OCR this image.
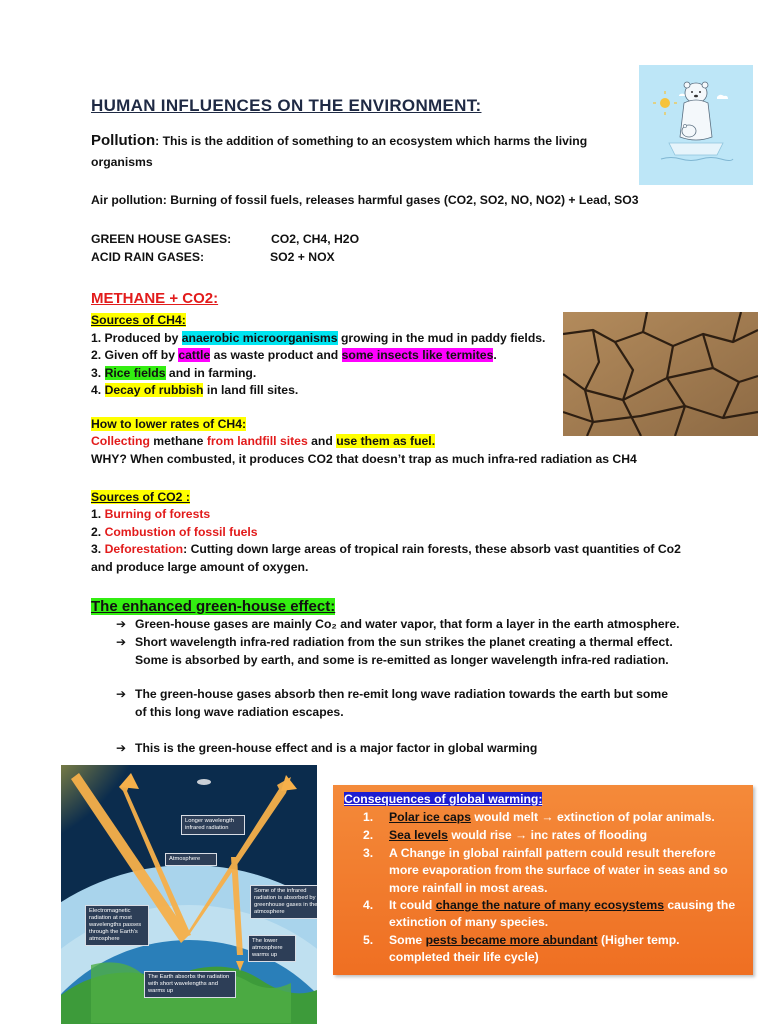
HUMAN INFLUENCES ON THE ENVIRONMENT:
Pollution: This is the addition of something to an ecosystem which harms the living
organisms
Air pollution: Burning of fossil fuels, releases harmful gases (CO2, SO2, NO, NO2) + Lead, SO3
GREEN HOUSE GASES:	CO2, CH4, H2O
ACID RAIN GASES:	SO2 + NOX
METHANE + CO2:
Sources of CH4:
1. Produced by anaerobic microorganisms growing in the mud in paddy fields.
2. Given off by cattle as waste product and some insects like termites.
3. Rice fields and in farming.
4. Decay of rubbish in land fill sites.
How to lower rates of CH4:
Collecting methane from landfill sites and use them as fuel.
WHY? When combusted, it produces CO2 that doesn’t trap as much infra-red radiation as CH4
Sources of CO2 :
1. Burning of forests
2. Combustion of fossil fuels
3. Deforestation: Cutting down large areas of tropical rain forests, these absorb vast quantities of Co2
and produce large amount of oxygen.
The enhanced green-house effect:
➔ Green-house gases are mainly Co₂ and water vapor, that form a layer in the earth atmosphere.
➔ Short wavelength infra-red radiation from the sun strikes the planet creating a thermal effect.
Some is absorbed by earth, and some is re-emitted as longer wavelength infra-red radiation.
➔ The green-house gases absorb then re-emit long wave radiation towards the earth but some
of this long wave radiation escapes.
➔ This is the green-house effect and is a major factor in global warming
Longer wavelength infrared radiation
Atmosphere
Electromagnetic radiation at most wavelengths passes through the Earth's atmosphere
Some of the infrared radiation is absorbed by greenhouse gases in the atmosphere
The lower atmosphere warms up
The Earth absorbs the radiation with short wavelengths and warms up
Consequences of global warming:
1. Polar ice caps would melt → extinction of polar animals.
2. Sea levels would rise → inc rates of flooding
3. A Change in global rainfall pattern could result therefore more evaporation from the surface of water in seas and so more rainfall in most areas.
4. It could change the nature of many ecosystems causing the extinction of many species.
5. Some pests became more abundant (Higher temp. completed their life cycle)
